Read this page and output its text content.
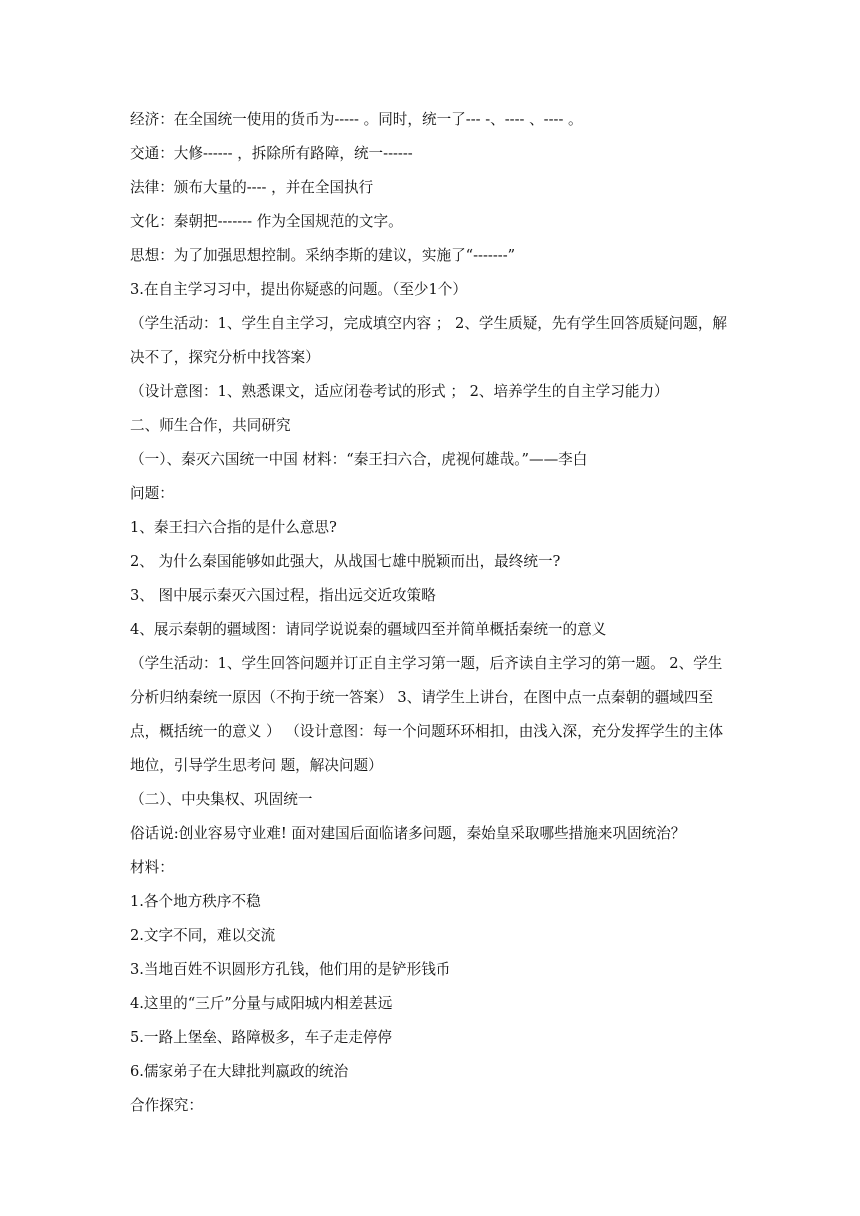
经济：在全国统一使用的货币为----- 。同时，统一了--- -、---- 、---- 。
交通：大修------ ，拆除所有路障，统一------
法律：颁布大量的---- ，并在全国执行
文化：秦朝把------- 作为全国规范的文字。
思想：为了加强思想控制。采纳李斯的建议，实施了“-------”
3.在自主学习习中，提出你疑惑的问题。（至少1个）
（学生活动：1、学生自主学习，完成填空内容 ； 2、学生质疑，先有学生回答质疑问题，解决不了，探究分析中找答案）
（设计意图：1、熟悉课文，适应闭卷考试的形式 ； 2、培养学生的自主学习能力）
二、师生合作，共同研究
（一）、秦灭六国统一中国 材料：“秦王扫六合，虎视何雄哉。”——李白
问题：
1、秦王扫六合指的是什么意思?
2、 为什么秦国能够如此强大，从战国七雄中脱颖而出，最终统一?
3、 图中展示秦灭六国过程，指出远交近攻策略
4、展示秦朝的疆域图：请同学说说秦的疆域四至并简单概括秦统一的意义
（学生活动：1、学生回答问题并订正自主学习第一题，后齐读自主学习的第一题。 2、学生分析归纳秦统一原因（不拘于统一答案） 3、请学生上讲台，在图中点一点秦朝的疆域四至点，概括统一的意义 ） （设计意图：每一个问题环环相扣，由浅入深，充分发挥学生的主体地位，引导学生思考问 题，解决问题）
（二）、中央集权、巩固统一
俗话说:创业容易守业难! 面对建国后面临诸多问题，秦始皇采取哪些措施来巩固统治？
材料：
1.各个地方秩序不稳
2.文字不同，难以交流
3.当地百姓不识圆形方孔钱，他们用的是铲形钱币
4.这里的“三斤”分量与咸阳城内相差甚远
5.一路上堡垒、路障极多，车子走走停停
6.儒家弟子在大肆批判嬴政的统治
合作探究：
